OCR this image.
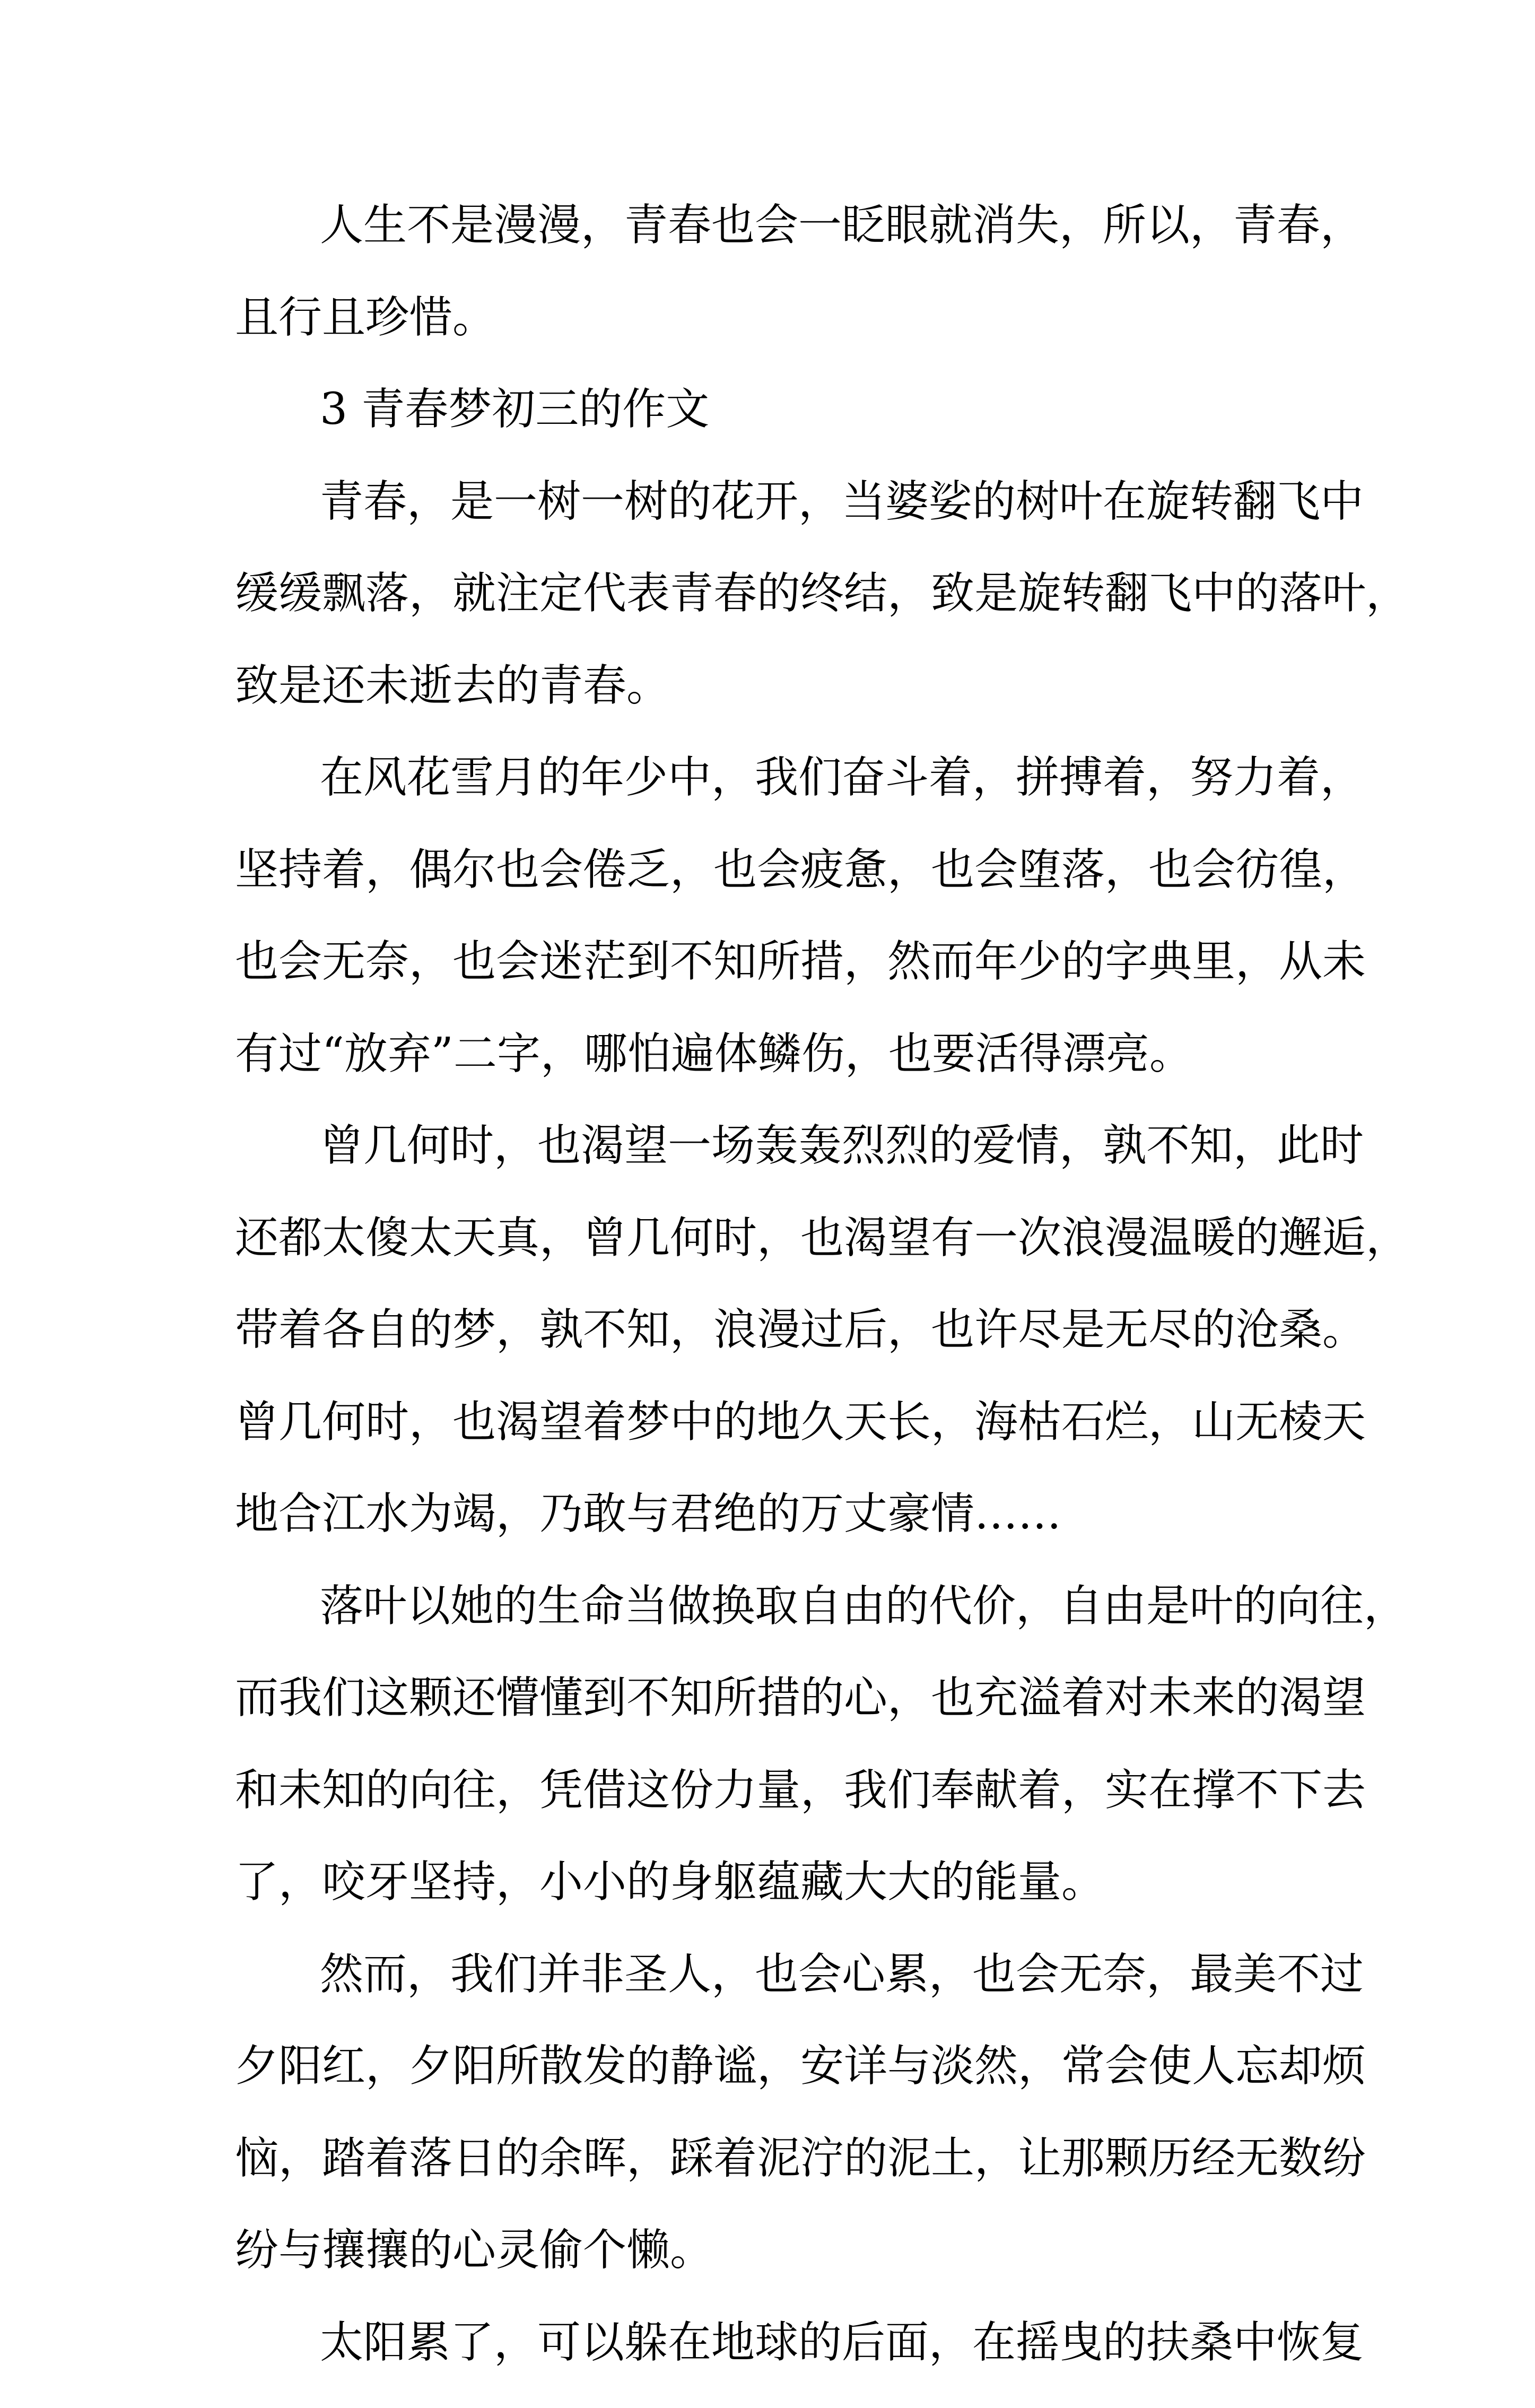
人生不是漫漫，青春也会一眨眼就消失，所以，青春，
且行且珍惜。
3 青春梦初三的作文
青春，是一树一树的花开，当婆娑的树叶在旋转翻飞中
缓缓飘落，就注定代表青春的终结，致是旋转翻飞中的落叶，
致是还未逝去的青春。
在风花雪月的年少中，我们奋斗着，拼搏着，努力着，
坚持着，偶尔也会倦乏，也会疲惫，也会堕落，也会彷徨，
也会无奈，也会迷茫到不知所措，然而年少的字典里，从未
有过“放弃”二字，哪怕遍体鳞伤，也要活得漂亮。
曾几何时，也渴望一场轰轰烈烈的爱情，孰不知，此时
还都太傻太天真，曾几何时，也渴望有一次浪漫温暖的邂逅，
带着各自的梦，孰不知，浪漫过后，也许尽是无尽的沧桑。
曾几何时，也渴望着梦中的地久天长，海枯石烂，山无棱天
地合江水为竭，乃敢与君绝的万丈豪情……
落叶以她的生命当做换取自由的代价，自由是叶的向往，
而我们这颗还懵懂到不知所措的心，也充溢着对未来的渴望
和未知的向往，凭借这份力量，我们奉献着，实在撑不下去
了，咬牙坚持，小小的身躯蕴藏大大的能量。
然而，我们并非圣人，也会心累，也会无奈，最美不过
夕阳红，夕阳所散发的静谧，安详与淡然，常会使人忘却烦
恼，踏着落日的余晖，踩着泥泞的泥土，让那颗历经无数纷
纷与攘攘的心灵偷个懒。
太阳累了，可以躲在地球的后面，在摇曳的扶桑中恢复
